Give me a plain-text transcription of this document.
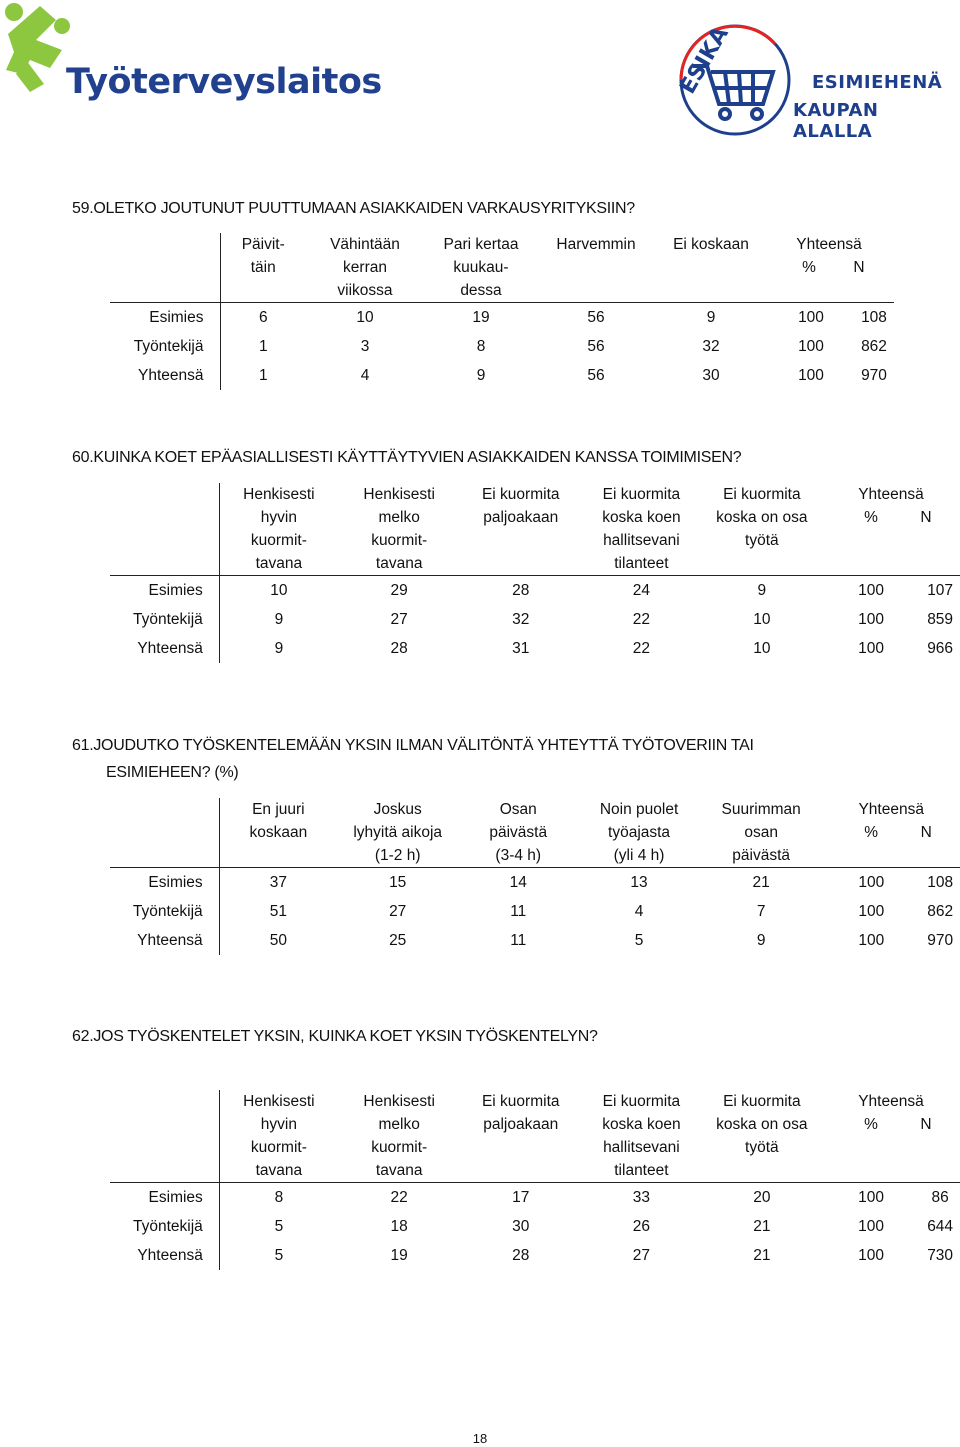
Työterveyslaitos	ESIKA	ESIMIEHENÄ
KAUPAN ALALLA
59.OLETKO JOUTUNUT PUUTTUMAAN ASIAKKAIDEN VARKAUSYRITYKSIIN?
	Päivit-
täin	Vähintään
kerran
viikossa	Pari kertaa
kuukau-
dessa	Harvemmin	Ei koskaan	Yhteensä
% N	
Esimies	6	10	19	56	9	100	108
Työntekijä	1	3	8	56	32	100	862
Yhteensä	1	4	9	56	30	100	970
60.KUINKA KOET EPÄASIALLISESTI KÄYTTÄYTYVIEN ASIAKKAIDEN KANSSA TOIMIMISEN?
	Henkisesti
hyvin
kuormit-
tavana	Henkisesti
melko
kuormit-
tavana	Ei kuormita
paljoakaan	Ei kuormita
koska koen
hallitsevani
tilanteet	Ei kuormita
koska on osa
työtä	Yhteensä
% N	
Esimies	10	29	28	24	9	100	107
Työntekijä	9	27	32	22	10	100	859
Yhteensä	9	28	31	22	10	100	966
61.JOUDUTKO TYÖSKENTELEMÄÄN YKSIN ILMAN VÄLITÖNTÄ YHTEYTTÄ TYÖTOVERIIN TAI
ESIMIEHEEN? (%)
	En juuri
koskaan	Joskus
lyhyitä aikoja
(1-2 h)	Osan
päivästä
(3-4 h)	Noin puolet
työajasta
(yli 4 h)	Suurimman
osan
päivästä	Yhteensä
% N	
Esimies	37	15	14	13	21	100	108
Työntekijä	51	27	11	4	7	100	862
Yhteensä	50	25	11	5	9	100	970
62.JOS TYÖSKENTELET YKSIN, KUINKA KOET YKSIN TYÖSKENTELYN?
	Henkisesti
hyvin
kuormit-
tavana	Henkisesti
melko
kuormit-
tavana	Ei kuormita
paljoakaan	Ei kuormita
koska koen
hallitsevani
tilanteet	Ei kuormita
koska on osa
työtä	Yhteensä
% N	
Esimies	8	22	17	33	20	100	86
Työntekijä	5	18	30	26	21	100	644
Yhteensä	5	19	28	27	21	100	730
18
